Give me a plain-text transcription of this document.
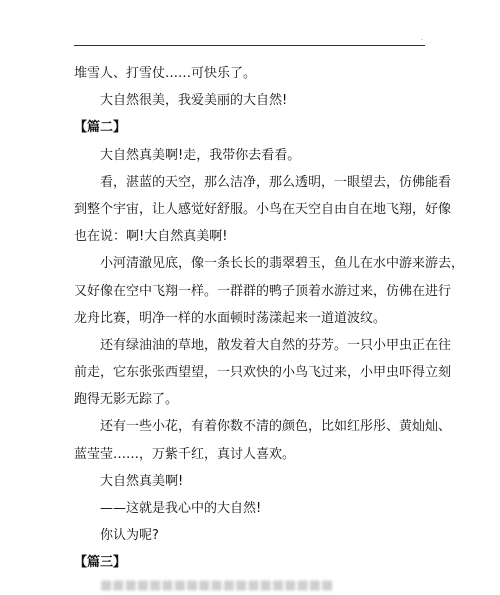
.
堆雪人、打雪仗……可快乐了。
大自然很美，我爱美丽的大自然!
【篇二】
大自然真美啊!走，我带你去看看。
看，湛蓝的天空，那么洁净，那么透明，一眼望去，仿佛能看
到整个宇宙，让人感觉好舒服。小鸟在天空自由自在地飞翔，好像
也在说：啊!大自然真美啊!
小河清澈见底，像一条长长的翡翠碧玉，鱼儿在水中游来游去，
又好像在空中飞翔一样。一群群的鸭子顶着水游过来，仿佛在进行
龙舟比赛，明净一样的水面顿时荡漾起来一道道波纹。
还有绿油油的草地，散发着大自然的芬芳。一只小甲虫正在往
前走，它东张张西望望，一只欢快的小鸟飞过来，小甲虫吓得立刻
跑得无影无踪了。
还有一些小花，有着你数不清的颜色，比如红彤彤、黄灿灿、
蓝莹莹……，万紫千红，真讨人喜欢。
大自然真美啊!
——这就是我心中的大自然!
你认为呢?
【篇三】
■■■■■■■■■■■■■■■■■■■
